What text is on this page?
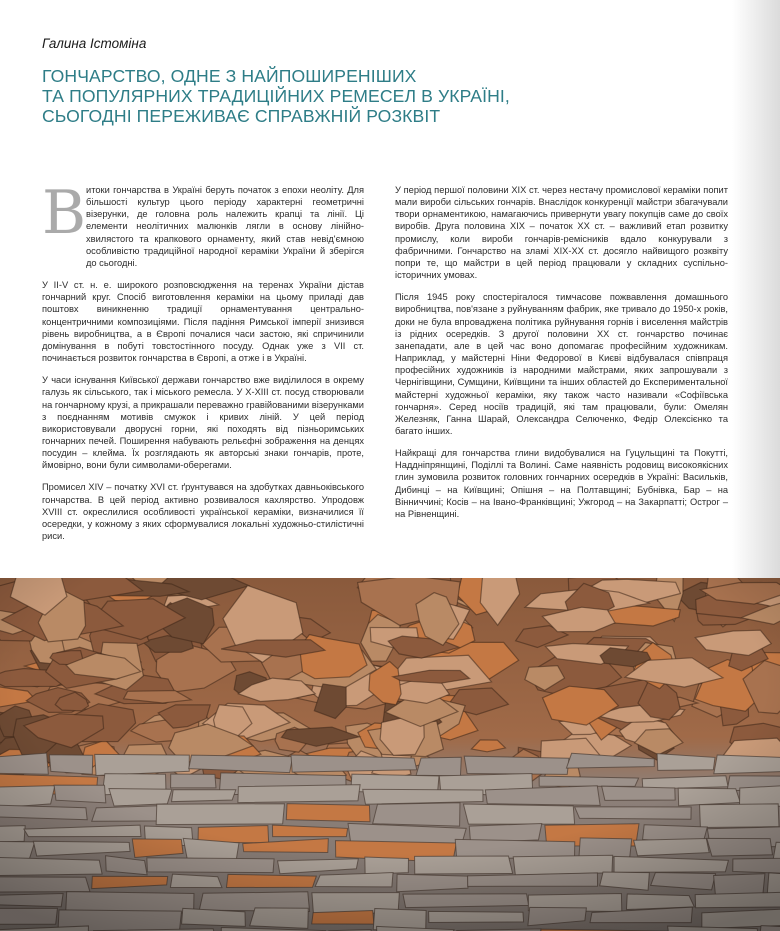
Галина Істоміна
ГОНЧАРСТВО, ОДНЕ З НАЙПОШИРЕНІШИХ
ТА ПОПУЛЯРНИХ ТРАДИЦІЙНИХ РЕМЕСЕЛ В УКРАЇНІ,
СЬОГОДНІ ПЕРЕЖИВАЄ СПРАВЖНІЙ РОЗКВІТ
В итоки гончарства в Україні беруть початок з епохи неоліту. Для більшості культур цього періоду характерні геометричні візерунки, де головна роль належить крапці та лінії. Ці елементи неолітичних малюнків лягли в основу лінійно-хвилястого та крапкового орнаменту, який став невід'ємною особливістю традиційної народної кераміки України й зберігся до сьогодні.

У ІІ-V ст. н. е. широкого розповсюдження на теренах України дістав гончарний круг. Спосіб виготовлення кераміки на цьому приладі дав поштовх виникненню традиції орнаментування центрально-концентричними композиціями. Після падіння Римської імперії знизився рівень виробництва, а в Європі почалися часи застою, які спричинили домінування в побуті товстостінного посуду. Однак уже з VII ст. починається розвиток гончарства в Європі, а отже і в Україні.

У часи існування Київської держави гончарство вже виділилося в окрему галузь як сільського, так і міського ремесла. У X-XIII ст. посуд створювали на гончарному крузі, а прикрашали переважно гравійованими візерунками з поєднанням мотивів смужок і кривих ліній. У цей період використовували дворусні горни, які походять від пізньоримських гончарних печей. Поширення набувають рельєфні зображення на денцях посудин – клейма. Їх розглядають як авторські знаки гончарів, проте, ймовірно, вони були символами-оберегами.

Промисел XIV – початку XVI ст. ґрунтувався на здобутках давньоківського гончарства. В цей період активно розвивалося кахлярство. Упродовж XVIII ст. окреслилися особливості української кераміки, визначилися її осередки, у кожному з яких сформувалися локальні художньо-стилістичні риси.

У період першої половини XIX ст. через нестачу промислової кераміки попит мали вироби сільських гончарів. Внаслідок конкуренції майстри збагачували твори орнаментикою, намагаючись привернути увагу покупців саме до своїх виробів. Друга половина XIX – початок XX ст. – важливий етап розвитку промислу, коли вироби гончарів-ремісників вдало конкурували з фабричними. Гончарство на зламі XIX-XX ст. досягло найвищого розквіту попри те, що майстри в цей період працювали у складних суспільно-історичних умовах.

Після 1945 року спостерігалося тимчасове пожвавлення домашнього виробництва, пов'язане з руйнуванням фабрик, яке тривало до 1950-х років, доки не була впроваджена політика руйнування горнів і виселення майстрів із рідних осередків. З другої половини XX ст. гончарство починає занепадати, але в цей час воно допомагає професійним художникам. Наприклад, у майстерні Ніни Федорової в Києві відбувалася співпраця професійних художників із народними майстрами, яких запрошували з Чернігівщини, Сумщини, Київщини та інших областей до Експериментальної майстерні художньої кераміки, яку також часто називали «Софіївська гончарня». Серед носіїв традицій, які там працювали, були: Омелян Железняк, Ганна Шарай, Олександра Селюченко, Федір Олексієнко та багато інших.

Найкращі для гончарства глини видобувалися на Гуцульщині та Покутті, Наддніпрянщині, Поділлі та Волині. Саме наявність родовищ високоякісних глин зумовила розвиток головних гончарних осередків в Україні: Васильків, Дибинці – на Київщині; Опішня – на Полтавщині; Бубнівка, Бар – на Вінниччині; Косів – на Івано-Франківщині; Ужгород – на Закарпатті; Острог – на Рівненщині.
